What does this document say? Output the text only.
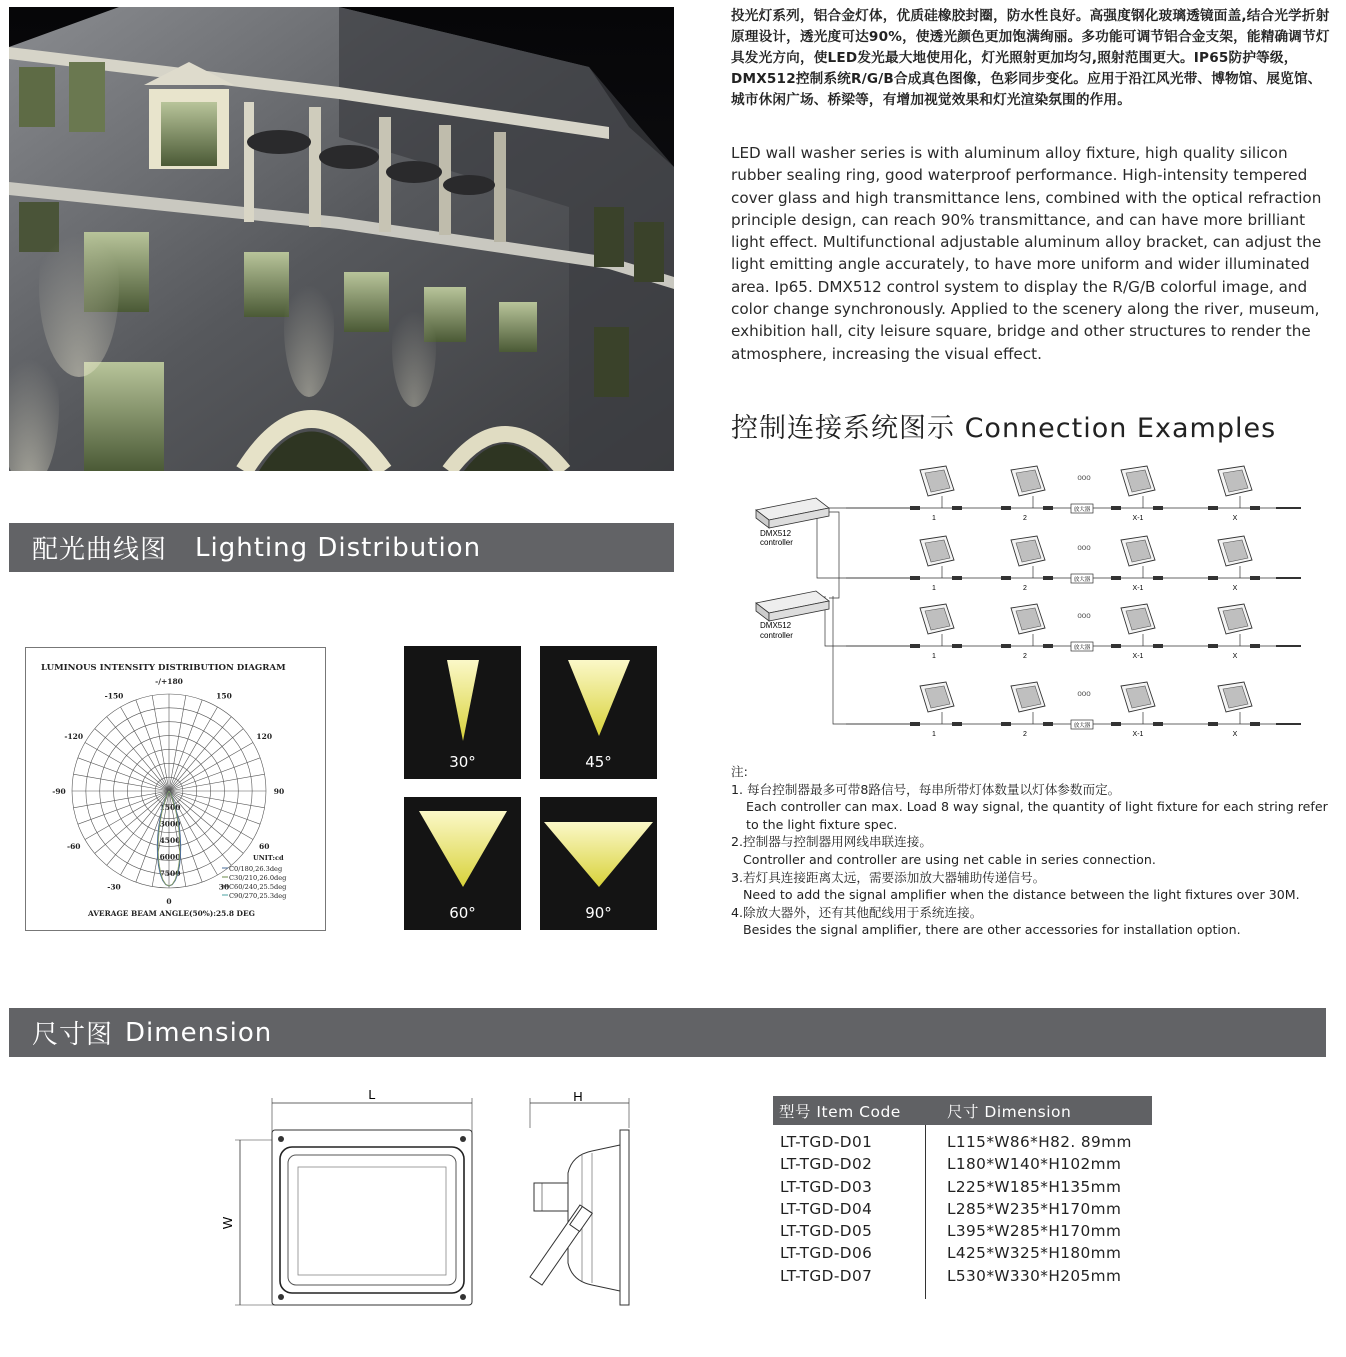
投光灯系列，铝合金灯体，优质硅橡胶封圈，防水性良好。高强度钢化玻璃透镜面盖,结合光学折射原理设计，透光度可达90%，使透光颜色更加饱满绚丽。多功能可调节铝合金支架，能精确调节灯具发光方向，使LED发光最大地使用化，灯光照射更加均匀,照射范围更大。IP65防护等级，DMX512控制系统R/G/B合成真色图像，色彩同步变化。应用于沿江风光带、博物馆、展览馆、城市休闲广场、桥梁等，有增加视觉效果和灯光渲染氛围的作用。
LED wall washer series is with aluminum alloy fixture, high quality silicon rubber sealing ring, good waterproof performance. High-intensity tempered cover glass and high transmittance lens, combined with the optical refraction principle design, can reach 90% transmittance, and can have more brilliant light effect. Multifunctional adjustable aluminum alloy bracket, can adjust the light emitting angle accurately, to have more uniform and wider illuminated area. Ip65. DMX512 control system to display the R/G/B colorful image, and color change synchronously. Applied to the scenery along the river, museum, exhibition hall, city leisure square, bridge and other structures to render the atmosphere, increasing the visual effect.
配光曲线图 Lighting Distribution
控制连接系统图示 Connection Examples
LUMINOUS INTENSITY DISTRIBUTION DIAGRAM
-/+180
-150	150
-120	120
-90	90
-60	60
-30	30
0
1500
3000
4500
6000
7500
UNIT:cd
C0/180,26.3deg
C30/210,26.0deg
C60/240,25.5deg
C90/270,25.3deg
AVERAGE BEAM ANGLE(50%):25.8 DEG
30°	45°
60°	90°
1	2	X-1	X
放大器
ooo
1	2	X-1	X
放大器
ooo
1	2	X-1	X
放大器
ooo
1	2	X-1	X
放大器
ooo
DMX512
controller
DMX512
controller
注:
1. 每台控制器最多可带8路信号，每串所带灯体数量以灯体参数而定。
Each controller can max. Load 8 way signal, the quantity of light fixture for each string refer to the light fixture spec.
2.控制器与控制器用网线串联连接。
Controller and controller are using net cable in series connection.
3.若灯具连接距离太远，需要添加放大器辅助传递信号。
Need to add the signal amplifier when the distance between the light fixtures over 30M.
4.除放大器外，还有其他配线用于系统连接。
Besides the signal amplifier, there are other accessories for installation option.
尺寸图 Dimension
L
W
H
型号 Item Code	尺寸 Dimension
LT-TGD-D01	L115*W86*H82. 89mm
LT-TGD-D02	L180*W140*H102mm
LT-TGD-D03	L225*W185*H135mm
LT-TGD-D04	L285*W235*H170mm
LT-TGD-D05	L395*W285*H170mm
LT-TGD-D06	L425*W325*H180mm
LT-TGD-D07	L530*W330*H205mm
